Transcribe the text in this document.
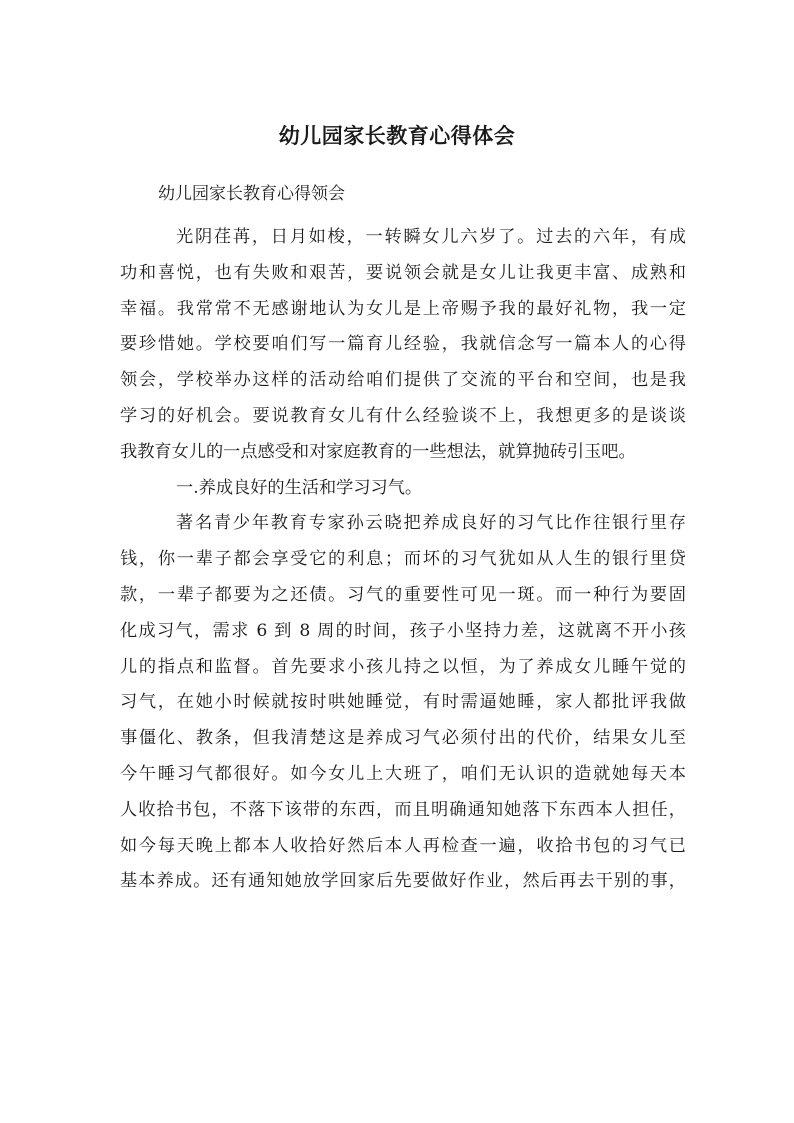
幼儿园家长教育心得体会
幼儿园家长教育心得领会
光阴荏苒，日月如梭，一转瞬女儿六岁了。过去的六年，有成
功和喜悦，也有失败和艰苦，要说领会就是女儿让我更丰富、成熟和
幸福。我常常不无感谢地认为女儿是上帝赐予我的最好礼物，我一定
要珍惜她。学校要咱们写一篇育儿经验，我就信念写一篇本人的心得
领会，学校举办这样的活动给咱们提供了交流的平台和空间，也是我
学习的好机会。要说教育女儿有什么经验谈不上，我想更多的是谈谈
我教育女儿的一点感受和对家庭教育的一些想法，就算抛砖引玉吧。
一.养成良好的生活和学习习气。
著名青少年教育专家孙云晓把养成良好的习气比作往银行里存
钱，你一辈子都会享受它的利息；而坏的习气犹如从人生的银行里贷
款，一辈子都要为之还债。习气的重要性可见一斑。而一种行为要固
化成习气，需求 6 到 8 周的时间，孩子小坚持力差，这就离不开小孩
儿的指点和监督。首先要求小孩儿持之以恒，为了养成女儿睡午觉的
习气，在她小时候就按时哄她睡觉，有时需逼她睡，家人都批评我做
事僵化、教条，但我清楚这是养成习气必须付出的代价，结果女儿至
今午睡习气都很好。如今女儿上大班了，咱们无认识的造就她每天本
人收拾书包，不落下该带的东西，而且明确通知她落下东西本人担任，
如今每天晚上都本人收拾好然后本人再检查一遍，收拾书包的习气已
基本养成。还有通知她放学回家后先要做好作业，然后再去干别的事，
